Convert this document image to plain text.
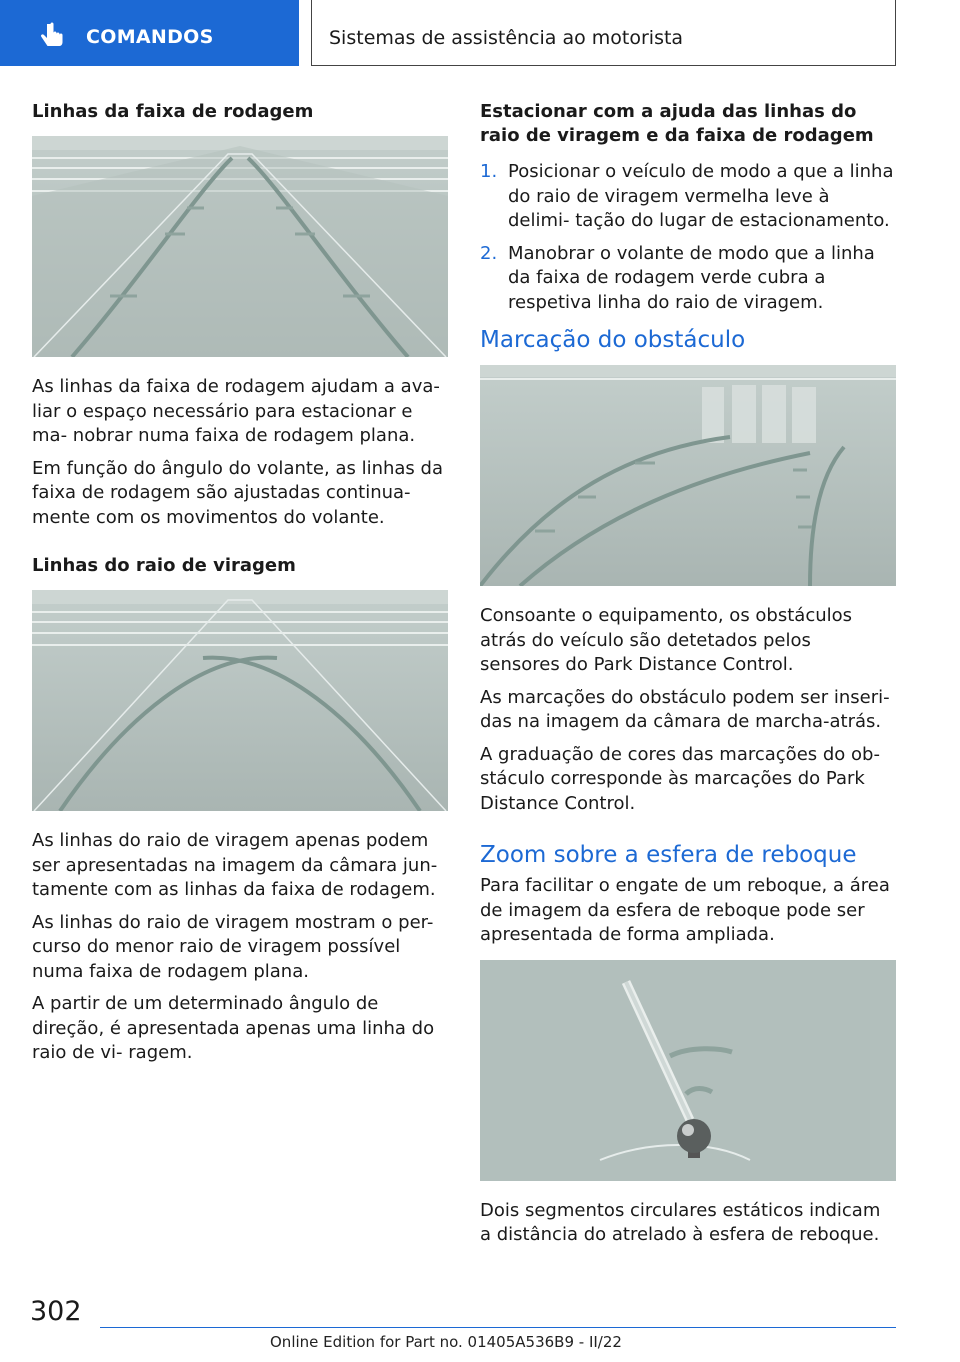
COMANDOS	Sistemas de assistência ao motorista
Linhas da faixa de rodagem
As linhas da faixa de rodagem ajudam a ava- liar o espaço necessário para estacionar e ma- nobrar numa faixa de rodagem plana.
Em função do ângulo do volante, as linhas da faixa de rodagem são ajustadas continua- mente com os movimentos do volante.
Linhas do raio de viragem
As linhas do raio de viragem apenas podem ser apresentadas na imagem da câmara jun- tamente com as linhas da faixa de rodagem.
As linhas do raio de viragem mostram o per- curso do menor raio de viragem possível numa faixa de rodagem plana.
A partir de um determinado ângulo de direção, é apresentada apenas uma linha do raio de vi- ragem.
Estacionar com a ajuda das linhas do raio de viragem e da faixa de rodagem
1. Posicionar o veículo de modo a que a linha do raio de viragem vermelha leve à delimi- tação do lugar de estacionamento.
2. Manobrar o volante de modo que a linha da faixa de rodagem verde cubra a respetiva linha do raio de viragem.
Marcação do obstáculo
Consoante o equipamento, os obstáculos atrás do veículo são detetados pelos sensores do Park Distance Control.
As marcações do obstáculo podem ser inseri- das na imagem da câmara de marcha-atrás.
A graduação de cores das marcações do ob- stáculo corresponde às marcações do Park Distance Control.
Zoom sobre a esfera de reboque
Para facilitar o engate de um reboque, a área de imagem da esfera de reboque pode ser apresentada de forma ampliada.
Dois segmentos circulares estáticos indicam a distância do atrelado à esfera de reboque.
302
Online Edition for Part no. 01405A536B9 - II/22
